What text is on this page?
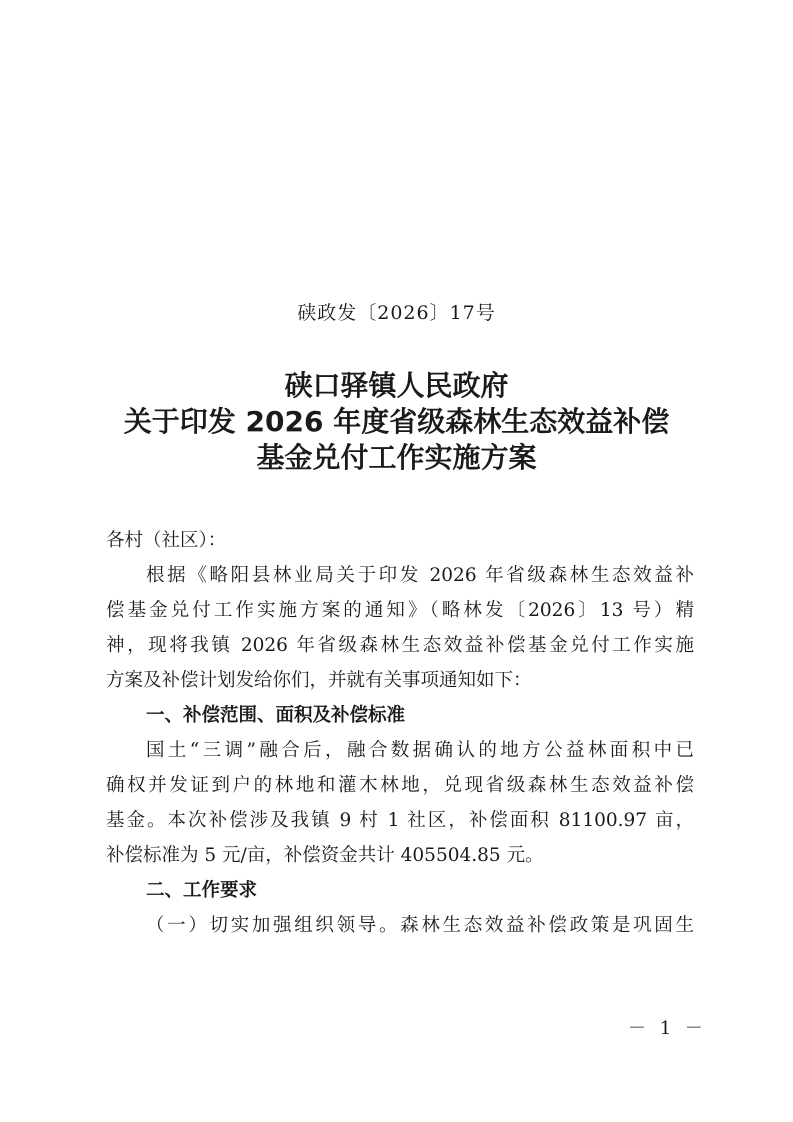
硖政发〔2026〕17号
硖口驿镇人民政府
关于印发 2026 年度省级森林生态效益补偿
基金兑付工作实施方案
各村（社区）：
根据《略阳县林业局关于印发 2026 年省级森林生态效益补
偿基金兑付工作实施方案的通知》（略林发〔2026〕13 号）精
神，现将我镇 2026 年省级森林生态效益补偿基金兑付工作实施
方案及补偿计划发给你们，并就有关事项通知如下：
一、补偿范围、面积及补偿标准
国土“三调”融合后，融合数据确认的地方公益林面积中已
确权并发证到户的林地和灌木林地，兑现省级森林生态效益补偿
基金。本次补偿涉及我镇 9 村 1 社区，补偿面积 81100.97 亩，
补偿标准为 5 元/亩，补偿资金共计 405504.85 元。
二、工作要求
（一）切实加强组织领导。森林生态效益补偿政策是巩固生
－ 1 －
